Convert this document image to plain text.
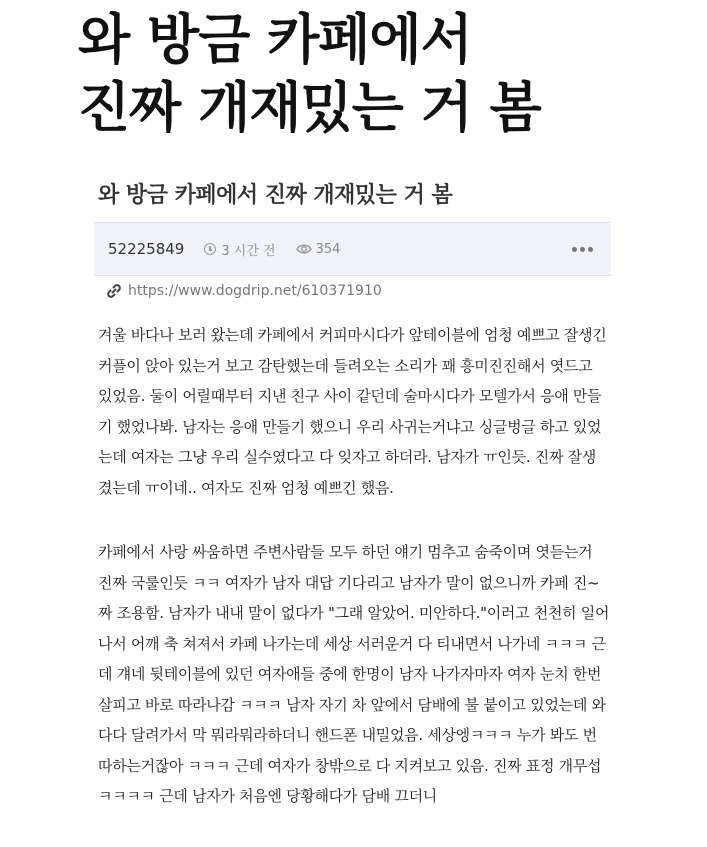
와 방금 카페에서
진짜 개재밌는 거 봄
와 방금 카페에서 진짜 개재밌는 거 봄
52225849	3 시간 전	354
https://www.dogdrip.net/610371910

겨울 바다나 보러 왔는데 카페에서 커피마시다가 앞테이블에 엄청 예쁘고 잘생긴 커플이 앉아 있는거 보고 감탄했는데 들려오는 소리가 꽤 흥미진진해서 엿드고 있었음. 둘이 어릴때부터 지낸 친구 사이 같던데 술마시다가 모텔가서 응애 만들기 했었나봐. 남자는 응애 만들기 했으니 우리 사귀는거냐고 싱글벙글 하고 있었는데 여자는 그냥 우리 실수였다고 다 잊자고 하더라. 남자가 ㅠ인듯. 진짜 잘생겼는데 ㅠ이네.. 여자도 진짜 엄청 예쁘긴 했음.

카페에서 사랑 싸움하면 주변사람들 모두 하던 얘기 멈추고 숨죽이며 엿듣는거 진짜 국룰인듯 ㅋㅋ 여자가 남자 대답 기다리고 남자가 말이 없으니까 카페 진~짜 조용함. 남자가 내내 말이 없다가 "그래 알았어. 미안하다."이러고 천천히 일어나서 어깨 축 쳐져서 카페 나가는데 세상 서러운거 다 티내면서 나가네 ㅋㅋㅋ 근데 걔네 뒷테이블에 있던 여자애들 중에 한명이 남자 나가자마자 여자 눈치 한번 살피고 바로 따라나감 ㅋㅋㅋ 남자 자기 차 앞에서 담배에 불 붙이고 있었는데 와다다 달려가서 막 뭐라뭐라하더니 핸드폰 내밀었음. 세상엥ㅋㅋㅋ 누가 봐도 번따하는거잖아 ㅋㅋㅋ 근데 여자가 창밖으로 다 지켜보고 있음. 진짜 표정 개무섭ㅋㅋㅋㅋ 근데 남자가 처음엔 당황해다가 담배 끄더니
